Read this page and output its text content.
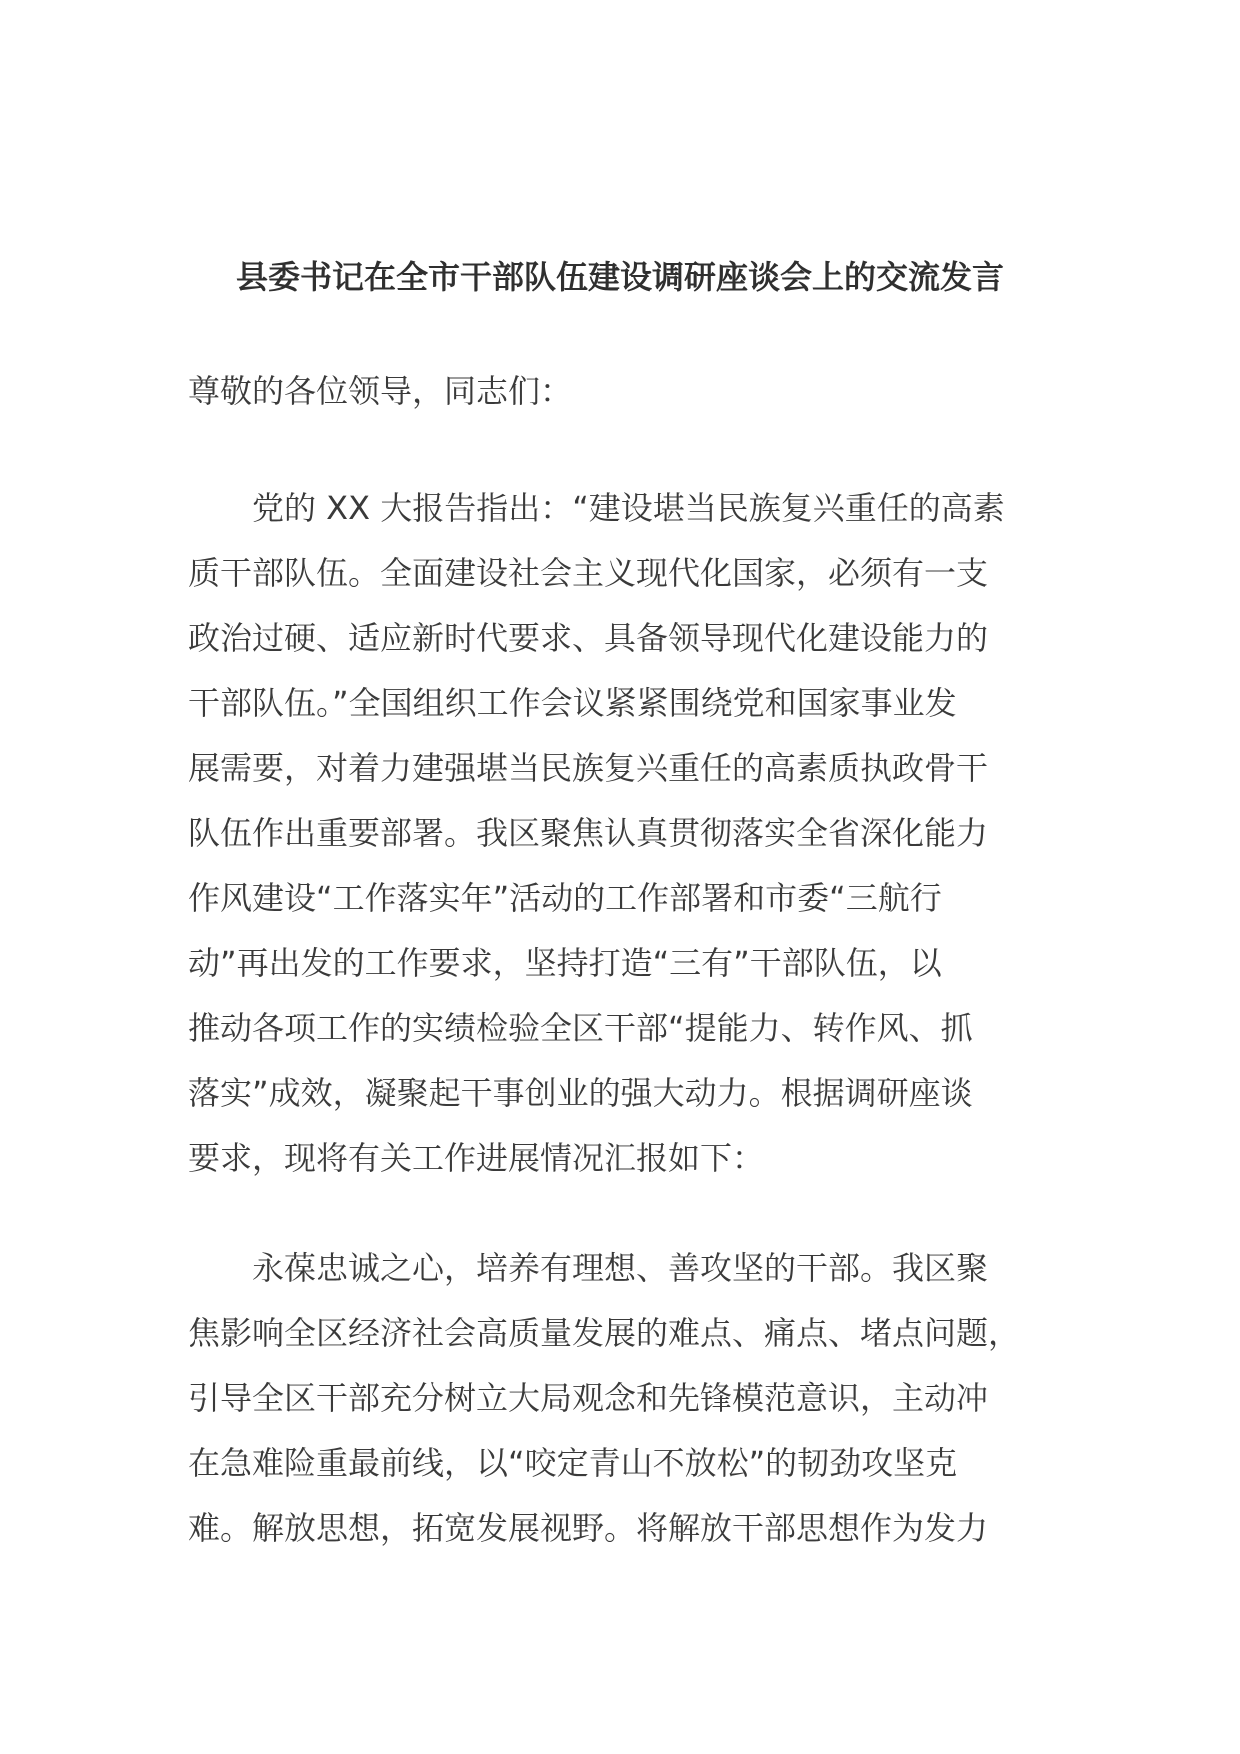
县委书记在全市干部队伍建设调研座谈会上的交流发言
尊敬的各位领导，同志们：
　　党的 XX 大报告指出：“建设堪当民族复兴重任的高素
质干部队伍。全面建设社会主义现代化国家，必须有一支
政治过硬、适应新时代要求、具备领导现代化建设能力的
干部队伍。”全国组织工作会议紧紧围绕党和国家事业发
展需要，对着力建强堪当民族复兴重任的高素质执政骨干
队伍作出重要部署。我区聚焦认真贯彻落实全省深化能力
作风建设“工作落实年”活动的工作部署和市委“三航行
动”再出发的工作要求，坚持打造“三有”干部队伍，以
推动各项工作的实绩检验全区干部“提能力、转作风、抓
落实”成效，凝聚起干事创业的强大动力。根据调研座谈
要求，现将有关工作进展情况汇报如下：
　　永葆忠诚之心，培养有理想、善攻坚的干部。我区聚
焦影响全区经济社会高质量发展的难点、痛点、堵点问题，
引导全区干部充分树立大局观念和先锋模范意识，主动冲
在急难险重最前线，以“咬定青山不放松”的韧劲攻坚克
难。解放思想，拓宽发展视野。将解放干部思想作为发力
